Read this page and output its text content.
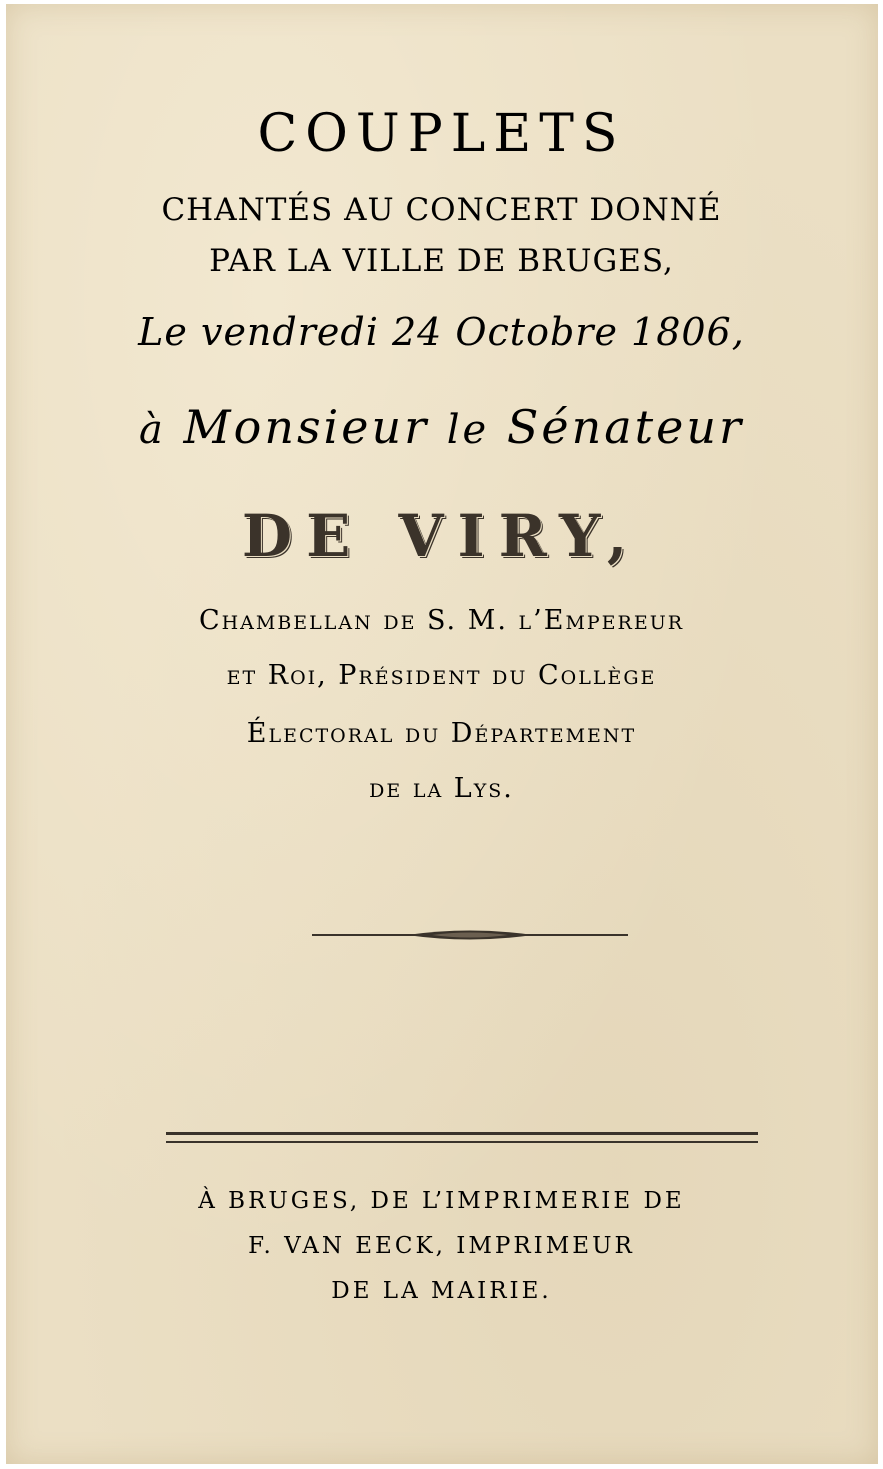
COUPLETS
CHANTÉS AU CONCERT DONNÉ
PAR LA VILLE DE BRUGES,
Le vendredi 24 Octobre 1806,
à Monsieur le Sénateur
DE VIRY,
Chambellan de S. M. l’Empereur
et Roi, Président du Collège
Électoral du Département
de la Lys.
À BRUGES, DE L’IMPRIMERIE DE
F. VAN EECK, IMPRIMEUR
DE LA MAIRIE.
